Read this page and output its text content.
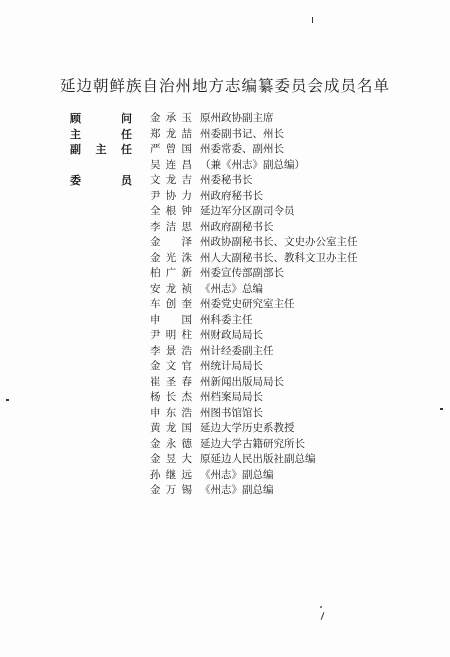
延边朝鲜族自治州地方志编纂委员会成员名单
顾	问 金 承 玉 原州政协副主席
主	任 郑 龙 喆 州委副书记、州长
副 主 任 严 曾 国 州委常委、副州长
吴 连 昌 （兼《州志》副总编）
委	员 文 龙 吉 州委秘书长
尹 协 力 州政府秘书长
全 根 钟 延边军分区副司令员
李 洁 思 州政府副秘书长
金 泽 州政协副秘书长、文史办公室主任
金 光 洙 州人大副秘书长、教科文卫办主任
柏 广 新 州委宣传部副部长
安 龙 祯 《州志》总编
车 创 奎 州委党史研究室主任
申 国 州科委主任
尹 明 柱 州财政局局长
李 景 浩 州计经委副主任
金 文 官 州统计局局长
崔 圣 春 州新闻出版局局长
杨 长 杰 州档案局局长
申 东 浩 州图书馆馆长
黄 龙 国 延边大学历史系教授
金 永 德 延边大学古籍研究所长
金 昱 大 原延边人民出版社副总编
孙 继 远 《州志》副总编
金 万 锡 《州志》副总编
